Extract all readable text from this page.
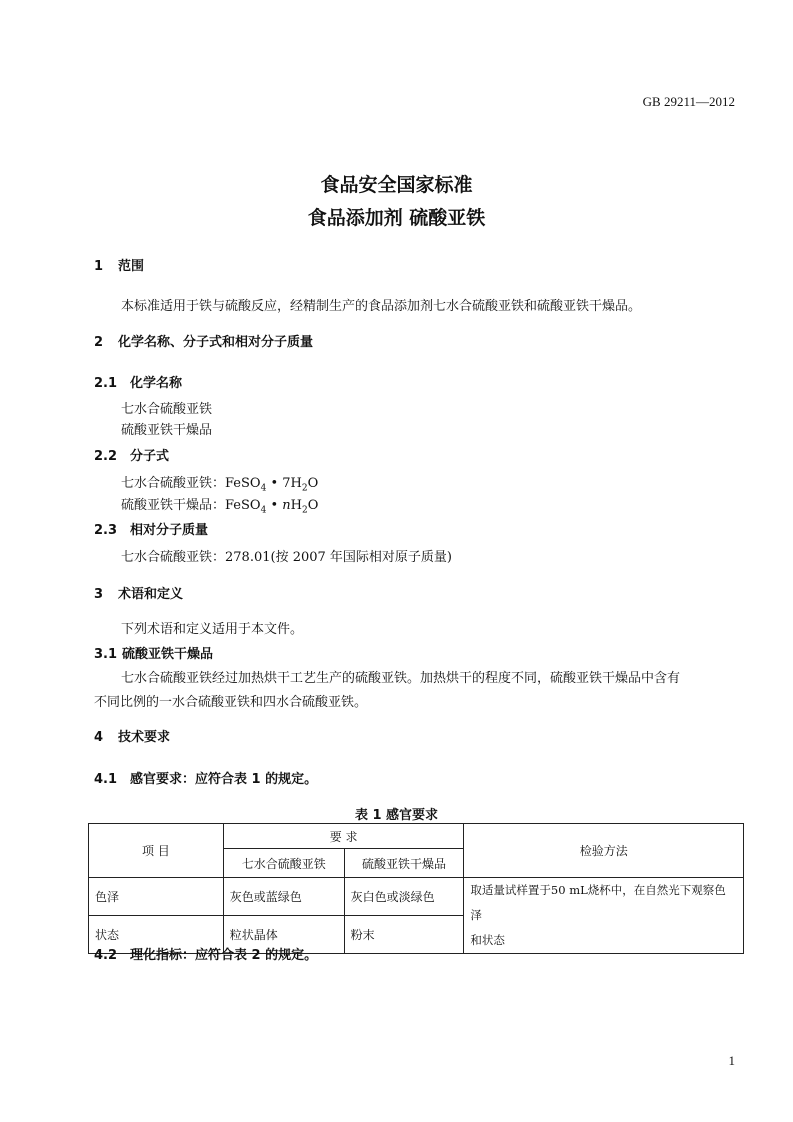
GB 29211—2012
食品安全国家标准
食品添加剂 硫酸亚铁
1 范围
本标准适用于铁与硫酸反应，经精制生产的食品添加剂七水合硫酸亚铁和硫酸亚铁干燥品。
2 化学名称、分子式和相对分子质量
2.1 化学名称
七水合硫酸亚铁
硫酸亚铁干燥品
2.2 分子式
七水合硫酸亚铁：FeSO$_4$ • $7H_2O$
硫酸亚铁干燥品：FeSO$_4$ • $nH_2O$
2.3 相对分子质量
七水合硫酸亚铁：278.01(按 2007 年国际相对原子质量)
3 术语和定义
下列术语和定义适用于本文件。
3.1 硫酸亚铁干燥品
七水合硫酸亚铁经过加热烘干工艺生产的硫酸亚铁。加热烘干的程度不同，硫酸亚铁干燥品中含有
不同比例的一水合硫酸亚铁和四水合硫酸亚铁。
4 技术要求
4.1 感官要求：应符合表 1 的规定。
表 1 感官要求
项 目	要 求		检验方法
	七水合硫酸亚铁	硫酸亚铁干燥品	
色泽	灰色或蓝绿色	灰白色或淡绿色	取适量试样置于50 mL烧杯中，在自然光下观察色泽
和状态

状态	粒状晶体	粉末	
4.2 理化指标：应符合表 2 的规定。
1
